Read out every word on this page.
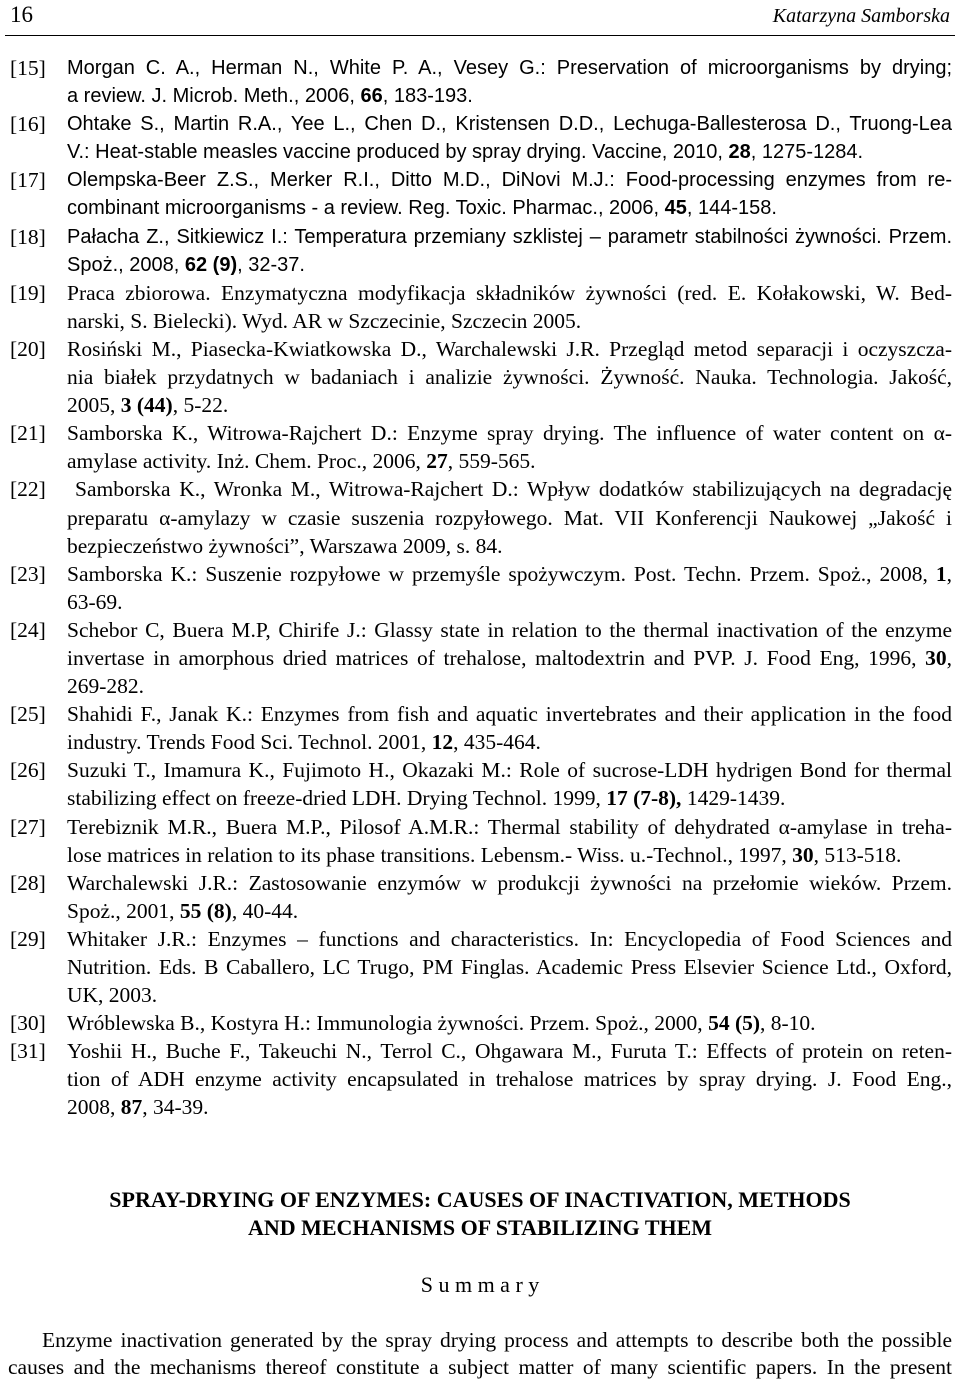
16	Katarzyna Samborska
[15] Morgan C. A., Herman N., White P. A., Vesey G.: Preservation of microorganisms by drying;
a review. J. Microb. Meth., 2006, 66, 183-193.
[16] Ohtake S., Martin R.A., Yee L., Chen D., Kristensen D.D., Lechuga-Ballesterosa D., Truong-Lea
V.: Heat-stable measles vaccine produced by spray drying. Vaccine, 2010, 28, 1275-1284.
[17] Olempska-Beer Z.S., Merker R.I., Ditto M.D., DiNovi M.J.: Food-processing enzymes from re-
combinant microorganisms - a review. Reg. Toxic. Pharmac., 2006, 45, 144-158.
[18] Pałacha Z., Sitkiewicz I.: Temperatura przemiany szklistej – parametr stabilności żywności. Przem.
Spoż., 2008, 62 (9), 32-37.
[19] Praca zbiorowa. Enzymatyczna modyfikacja składników żywności (red. E. Kołakowski, W. Bed-
narski, S. Bielecki). Wyd. AR w Szczecinie, Szczecin 2005.
[20] Rosiński M., Piasecka-Kwiatkowska D., Warchalewski J.R. Przegląd metod separacji i oczyszcza-
nia białek przydatnych w badaniach i analizie żywności. Żywność. Nauka. Technologia. Jakość,
2005, 3 (44), 5-22.
[21] Samborska K., Witrowa-Rajchert D.: Enzyme spray drying. The influence of water content on α-
amylase activity. Inż. Chem. Proc., 2006, 27, 559-565.
[22]	Samborska K., Wronka M., Witrowa-Rajchert D.: Wpływ dodatków stabilizujących na degradację
preparatu α-amylazy w czasie suszenia rozpyłowego. Mat. VII Konferencji Naukowej „Jakość i
bezpieczeństwo żywności”, Warszawa 2009, s. 84.
[23] Samborska K.: Suszenie rozpyłowe w przemyśle spożywczym. Post. Techn. Przem. Spoż., 2008, 1,
63-69.
[24] Schebor C, Buera M.P, Chirife J.: Glassy state in relation to the thermal inactivation of the enzyme
invertase in amorphous dried matrices of trehalose, maltodextrin and PVP. J. Food Eng, 1996, 30,
269-282.
[25] Shahidi F., Janak K.: Enzymes from fish and aquatic invertebrates and their application in the food
industry. Trends Food Sci. Technol. 2001, 12, 435-464.
[26] Suzuki T., Imamura K., Fujimoto H., Okazaki M.: Role of sucrose-LDH hydrigen Bond for thermal
stabilizing effect on freeze-dried LDH. Drying Technol. 1999, 17 (7-8), 1429-1439.
[27] Terebiznik M.R., Buera M.P., Pilosof A.M.R.: Thermal stability of dehydrated α-amylase in treha-
lose matrices in relation to its phase transitions. Lebensm.- Wiss. u.-Technol., 1997, 30, 513-518.
[28] Warchalewski J.R.: Zastosowanie enzymów w produkcji żywności na przełomie wieków. Przem.
Spoż., 2001, 55 (8), 40-44.
[29] Whitaker J.R.: Enzymes – functions and characteristics. In: Encyclopedia of Food Sciences and
Nutrition. Eds. B Caballero, LC Trugo, PM Finglas. Academic Press Elsevier Science Ltd., Oxford,
UK, 2003.
[30] Wróblewska B., Kostyra H.: Immunologia żywności. Przem. Spoż., 2000, 54 (5), 8-10.
[31] Yoshii H., Buche F., Takeuchi N., Terrol C., Ohgawara M., Furuta T.: Effects of protein on reten-
tion of ADH enzyme activity encapsulated in trehalose matrices by spray drying. J. Food Eng.,
2008, 87, 34-39.
SPRAY-DRYING OF ENZYMES: CAUSES OF INACTIVATION, METHODS
AND MECHANISMS OF STABILIZING THEM
S u m m a r y
Enzyme inactivation generated by the spray drying process and attempts to describe both the possible
causes and the mechanisms thereof constitute a subject matter of many scientific papers. In the present
